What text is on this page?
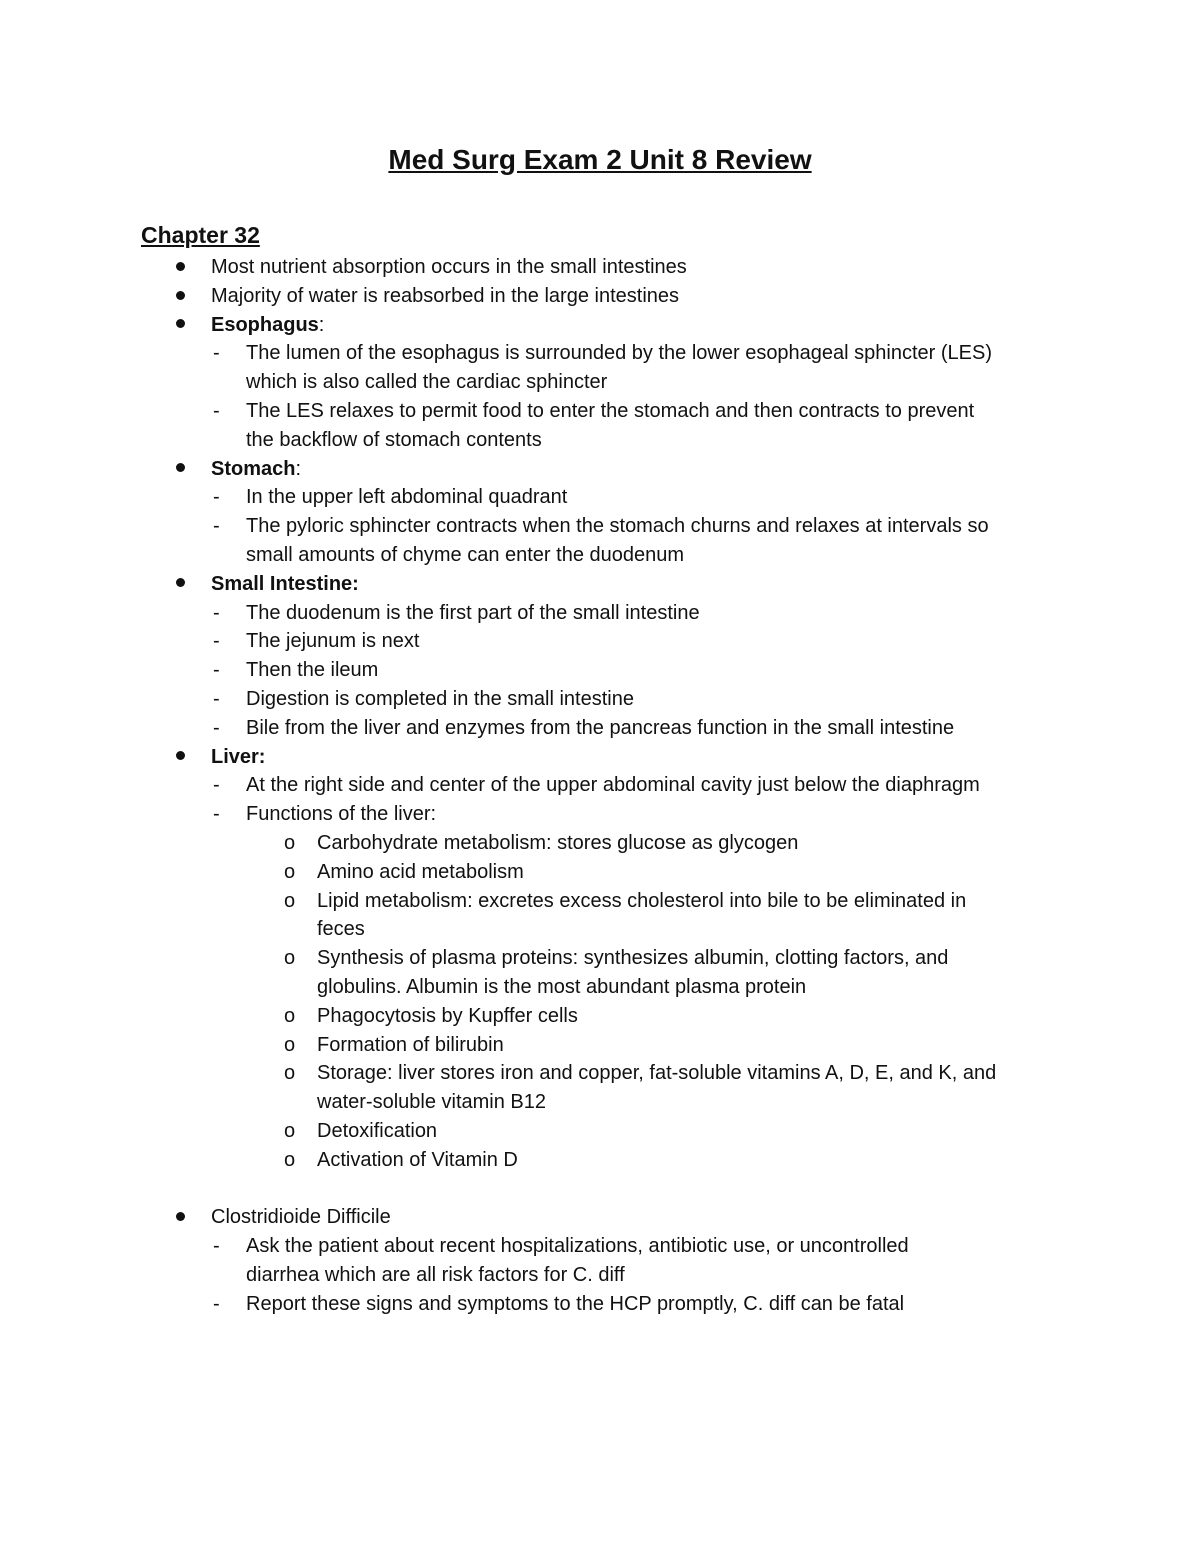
Med Surg Exam 2 Unit 8 Review
Chapter 32
Most nutrient absorption occurs in the small intestines
Majority of water is reabsorbed in the large intestines
Esophagus:
- The lumen of the esophagus is surrounded by the lower esophageal sphincter (LES)
which is also called the cardiac sphincter
- The LES relaxes to permit food to enter the stomach and then contracts to prevent
the backflow of stomach contents
Stomach:
- In the upper left abdominal quadrant
- The pyloric sphincter contracts when the stomach churns and relaxes at intervals so
small amounts of chyme can enter the duodenum
Small Intestine:
- The duodenum is the first part of the small intestine
- The jejunum is next
- Then the ileum
- Digestion is completed in the small intestine
- Bile from the liver and enzymes from the pancreas function in the small intestine
Liver:
- At the right side and center of the upper abdominal cavity just below the diaphragm
- Functions of the liver:
o Carbohydrate metabolism: stores glucose as glycogen
o Amino acid metabolism
o Lipid metabolism: excretes excess cholesterol into bile to be eliminated in
feces
o Synthesis of plasma proteins: synthesizes albumin, clotting factors, and
globulins. Albumin is the most abundant plasma protein
o Phagocytosis by Kupffer cells
o Formation of bilirubin
o Storage: liver stores iron and copper, fat-soluble vitamins A, D, E, and K, and
water-soluble vitamin B12
o Detoxification
o Activation of Vitamin D
Clostridioide Difficile
- Ask the patient about recent hospitalizations, antibiotic use, or uncontrolled
diarrhea which are all risk factors for C. diff
- Report these signs and symptoms to the HCP promptly, C. diff can be fatal
